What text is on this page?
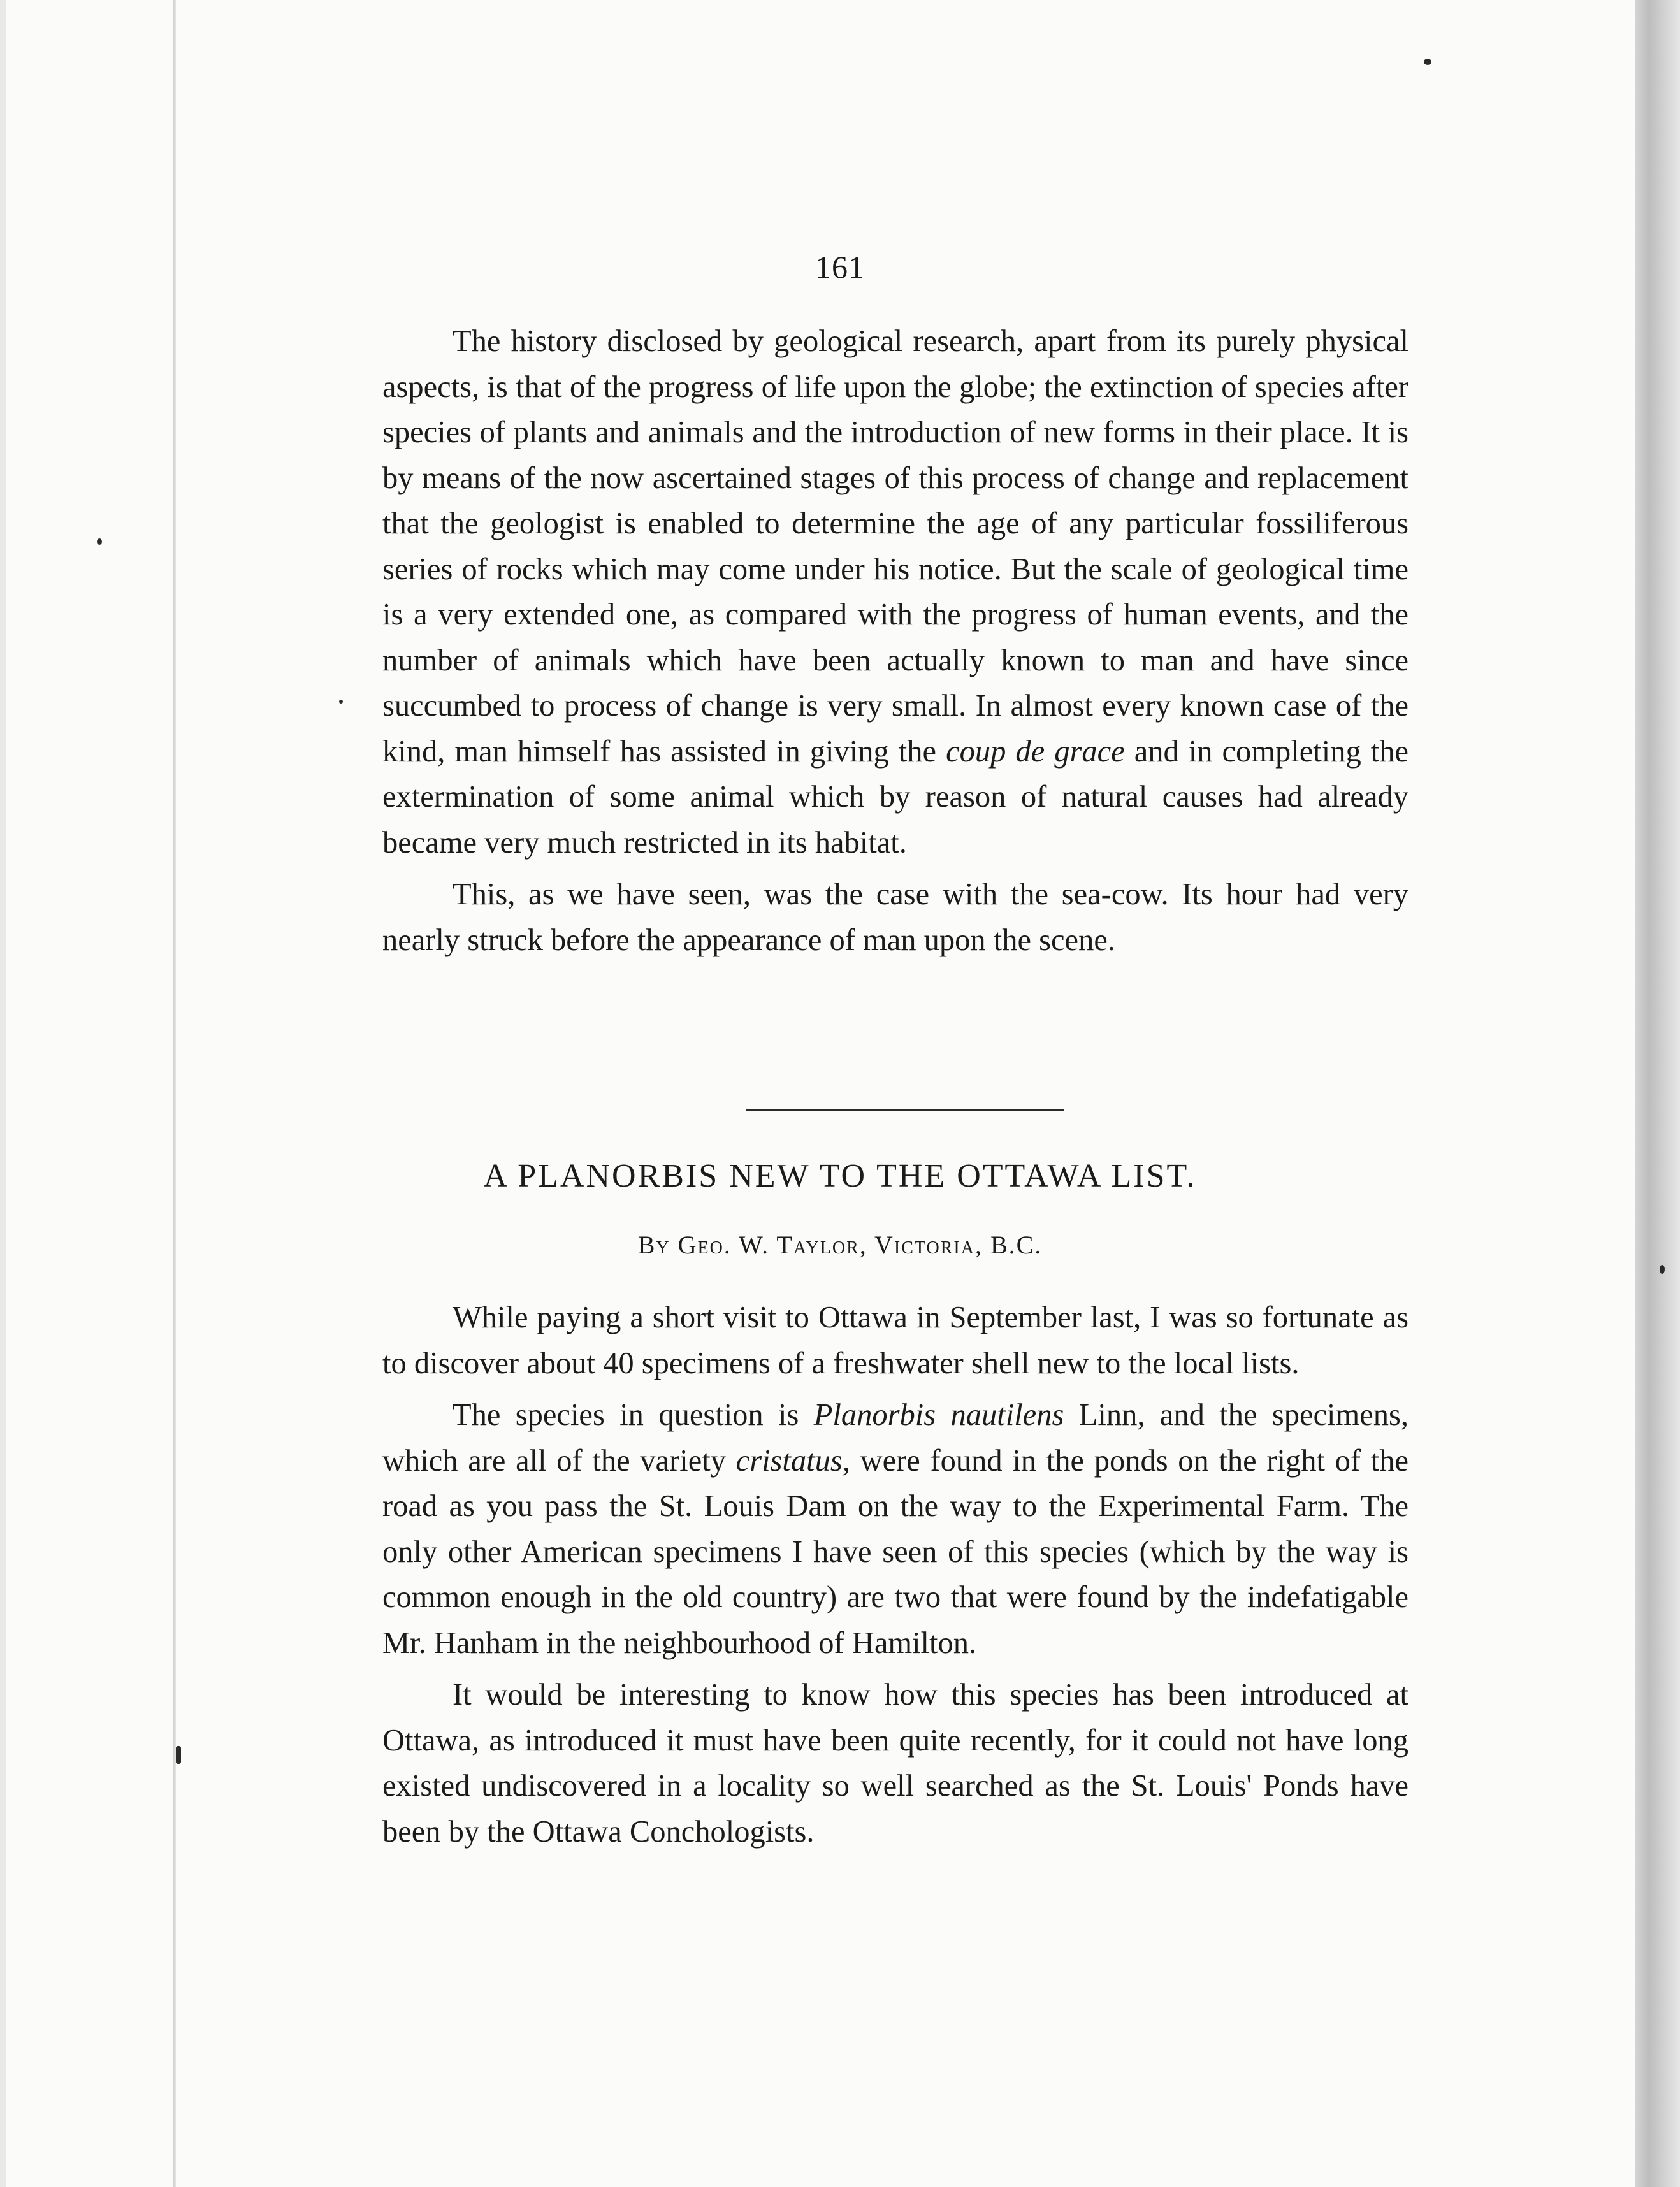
161

The history disclosed by geological research, apart from its purely physical aspects, is that of the progress of life upon the globe; the extinction of species after species of plants and animals and the introduction of new forms in their place. It is by means of the now ascertained stages of this process of change and replacement that the geologist is enabled to determine the age of any particular fossiliferous series of rocks which may come under his notice. But the scale of geological time is a very extended one, as compared with the progress of human events, and the number of animals which have been actually known to man and have since succumbed to process of change is very small. In almost every known case of the kind, man himself has assisted in giving the coup de grace and in completing the extermination of some animal which by reason of natural causes had already became very much restricted in its habitat.

This, as we have seen, was the case with the sea-cow. Its hour had very nearly struck before the appearance of man upon the scene.

A PLANORBIS NEW TO THE OTTAWA LIST.
By Geo. W. Taylor, Victoria, B.C.

While paying a short visit to Ottawa in September last, I was so fortunate as to discover about 40 specimens of a freshwater shell new to the local lists.

The species in question is Planorbis nautilens Linn, and the specimens, which are all of the variety cristatus, were found in the ponds on the right of the road as you pass the St. Louis Dam on the way to the Experimental Farm. The only other American specimens I have seen of this species (which by the way is common enough in the old country) are two that were found by the indefatigable Mr. Hanham in the neighbourhood of Hamilton.

It would be interesting to know how this species has been introduced at Ottawa, as introduced it must have been quite recently, for it could not have long existed undiscovered in a locality so well searched as the St. Louis' Ponds have been by the Ottawa Conchologists.
